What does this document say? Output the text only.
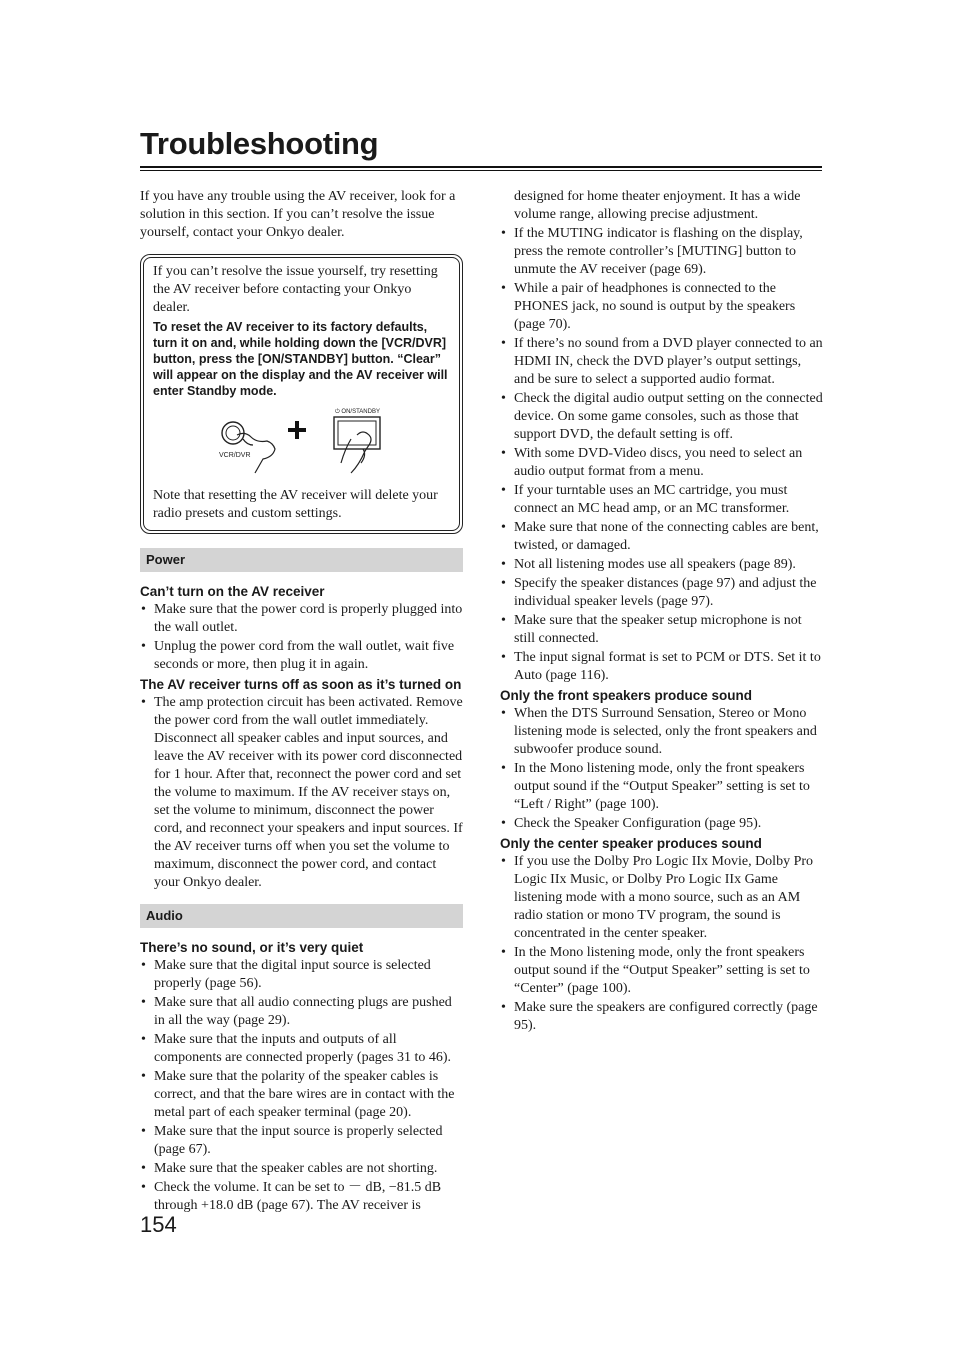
Troubleshooting

If you have any trouble using the AV receiver, look for a solution in this section. If you can’t resolve the issue yourself, contact your Onkyo dealer.

If you can’t resolve the issue yourself, try resetting the AV receiver before contacting your Onkyo dealer.

To reset the AV receiver to its factory defaults, turn it on and, while holding down the [VCR/DVR] button, press the [ON/STANDBY] button. “Clear” will appear on the display and the AV receiver will enter Standby mode.

VCR/DVR
⏻ ON/STANDBY

Note that resetting the AV receiver will delete your radio presets and custom settings.

Power
Can’t turn on the AV receiver
• Make sure that the power cord is properly plugged into the wall outlet.
• Unplug the power cord from the wall outlet, wait five seconds or more, then plug it in again.
The AV receiver turns off as soon as it’s turned on
• The amp protection circuit has been activated. Remove the power cord from the wall outlet immediately. Disconnect all speaker cables and input sources, and leave the AV receiver with its power cord disconnected for 1 hour. After that, reconnect the power cord and set the volume to maximum. If the AV receiver stays on, set the volume to minimum, disconnect the power cord, and reconnect your speakers and input sources. If the AV receiver turns off when you set the volume to maximum, disconnect the power cord, and contact your Onkyo dealer.
Audio
There’s no sound, or it’s very quiet
• Make sure that the digital input source is selected properly (page 56).
• Make sure that all audio connecting plugs are pushed in all the way (page 29).
• Make sure that the inputs and outputs of all components are connected properly (pages 31 to 46).
• Make sure that the polarity of the speaker cables is correct, and that the bare wires are in contact with the metal part of each speaker terminal (page 20).
• Make sure that the input source is properly selected (page 67).
• Make sure that the speaker cables are not shorting.
• Check the volume. It can be set to － dB, −81.5 dB through +18.0 dB (page 67). The AV receiver is
designed for home theater enjoyment. It has a wide volume range, allowing precise adjustment.
• If the MUTING indicator is flashing on the display, press the remote controller’s [MUTING] button to unmute the AV receiver (page 69).
• While a pair of headphones is connected to the PHONES jack, no sound is output by the speakers (page 70).
• If there’s no sound from a DVD player connected to an HDMI IN, check the DVD player’s output settings, and be sure to select a supported audio format.
• Check the digital audio output setting on the connected device. On some game consoles, such as those that support DVD, the default setting is off.
• With some DVD-Video discs, you need to select an audio output format from a menu.
• If your turntable uses an MC cartridge, you must connect an MC head amp, or an MC transformer.
• Make sure that none of the connecting cables are bent, twisted, or damaged.
• Not all listening modes use all speakers (page 89).
• Specify the speaker distances (page 97) and adjust the individual speaker levels (page 97).
• Make sure that the speaker setup microphone is not still connected.
• The input signal format is set to PCM or DTS. Set it to Auto (page 116).
Only the front speakers produce sound
• When the DTS Surround Sensation, Stereo or Mono listening mode is selected, only the front speakers and subwoofer produce sound.
• In the Mono listening mode, only the front speakers output sound if the “Output Speaker” setting is set to “Left / Right” (page 100).
• Check the Speaker Configuration (page 95).
Only the center speaker produces sound
• If you use the Dolby Pro Logic IIx Movie, Dolby Pro Logic IIx Music, or Dolby Pro Logic IIx Game listening mode with a mono source, such as an AM radio station or mono TV program, the sound is concentrated in the center speaker.
• In the Mono listening mode, only the front speakers output sound if the “Output Speaker” setting is set to “Center” (page 100).
• Make sure the speakers are configured correctly (page 95).
154
